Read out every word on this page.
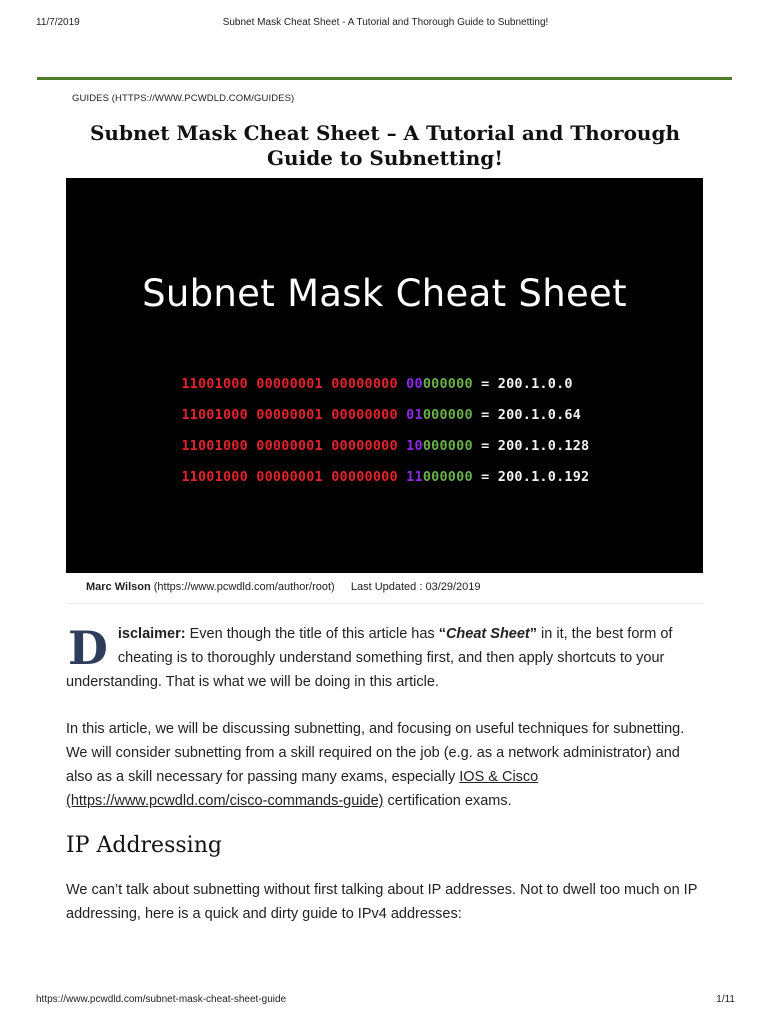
11/7/2019	Subnet Mask Cheat Sheet - A Tutorial and Thorough Guide to Subnetting!
GUIDES (HTTPS://WWW.PCWDLD.COM/GUIDES)
Subnet Mask Cheat Sheet – A Tutorial and Thorough Guide to Subnetting!
Subnet Mask Cheat Sheet

11001000 00000001 00000000 00000000 = 200.1.0.0

11001000 00000001 00000000 01000000 = 200.1.0.64

11001000 00000001 00000000 10000000 = 200.1.0.128

11001000 00000001 00000000 11000000 = 200.1.0.192

Marc Wilson (https://www.pcwdld.com/author/root) Last Updated : 03/29/2019

Disclaimer: Even though the title of this article has “Cheat Sheet” in it, the best form of cheating is to thoroughly understand something first, and then apply shortcuts to your understanding. That is what we will be doing in this article.

In this article, we will be discussing subnetting, and focusing on useful techniques for subnetting. We will consider subnetting from a skill required on the job (e.g. as a network administrator) and also as a skill necessary for passing many exams, especially IOS & Cisco (https://www.pcwdld.com/cisco-commands-guide) certification exams.

IP Addressing

We can’t talk about subnetting without first talking about IP addresses. Not to dwell too much on IP addressing, here is a quick and dirty guide to IPv4 addresses:

https://www.pcwdld.com/subnet-mask-cheat-sheet-guide	1/11
